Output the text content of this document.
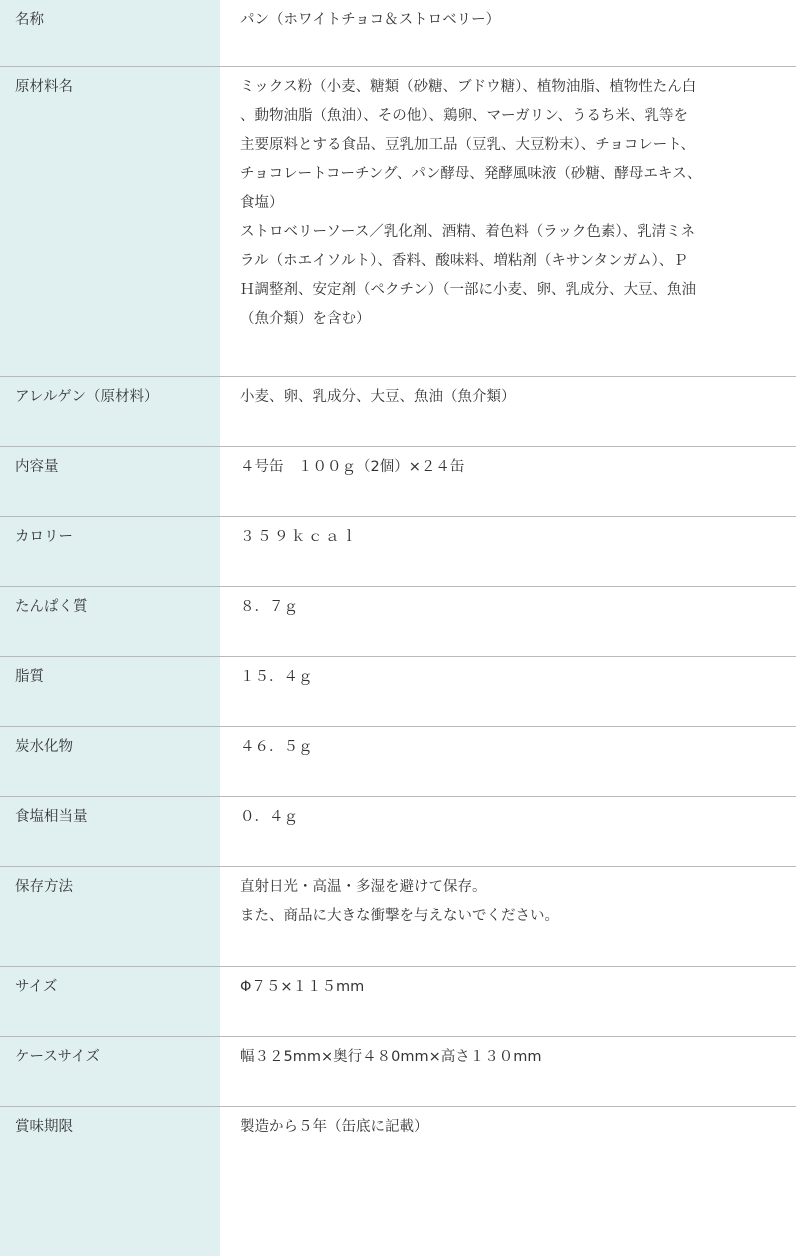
名称	パン（ホワイトチョコ＆ストロベリー）
原材料名	ミックス粉（小麦、糖類（砂糖、ブドウ糖）、植物油脂、植物性たん白
、動物油脂（魚油）、その他）、鶏卵、マーガリン、うるち米、乳等を
主要原料とする食品、豆乳加工品（豆乳、大豆粉末）、チョコレート、
チョコレートコーチング、パン酵母、発酵風味液（砂糖、酵母エキス、
食塩）
ストロベリーソース／乳化剤、酒精、着色料（ラック色素）、乳清ミネ
ラル（ホエイソルト）、香料、酸味料、増粘剤（キサンタンガム）、Ｐ
Ｈ調整剤、安定剤（ペクチン）（一部に小麦、卵、乳成分、大豆、魚油
（魚介類）を含む）
アレルゲン（原材料）	小麦、卵、乳成分、大豆、魚油（魚介類）
内容量	４号缶　１００ｇ（2個）×２４缶
カロリー	３５９ｋｃａｌ
たんぱく質	８．７ｇ
脂質	１５．４ｇ
炭水化物	４６．５ｇ
食塩相当量	０．４ｇ
保存方法	直射日光・高温・多湿を避けて保存。
また、商品に大きな衝撃を与えないでください。
サイズ	Φ７５×１１５mm
ケースサイズ	幅３２5mm×奥行４８0mm×高さ１３０mm
賞味期限	製造から５年（缶底に記載）
